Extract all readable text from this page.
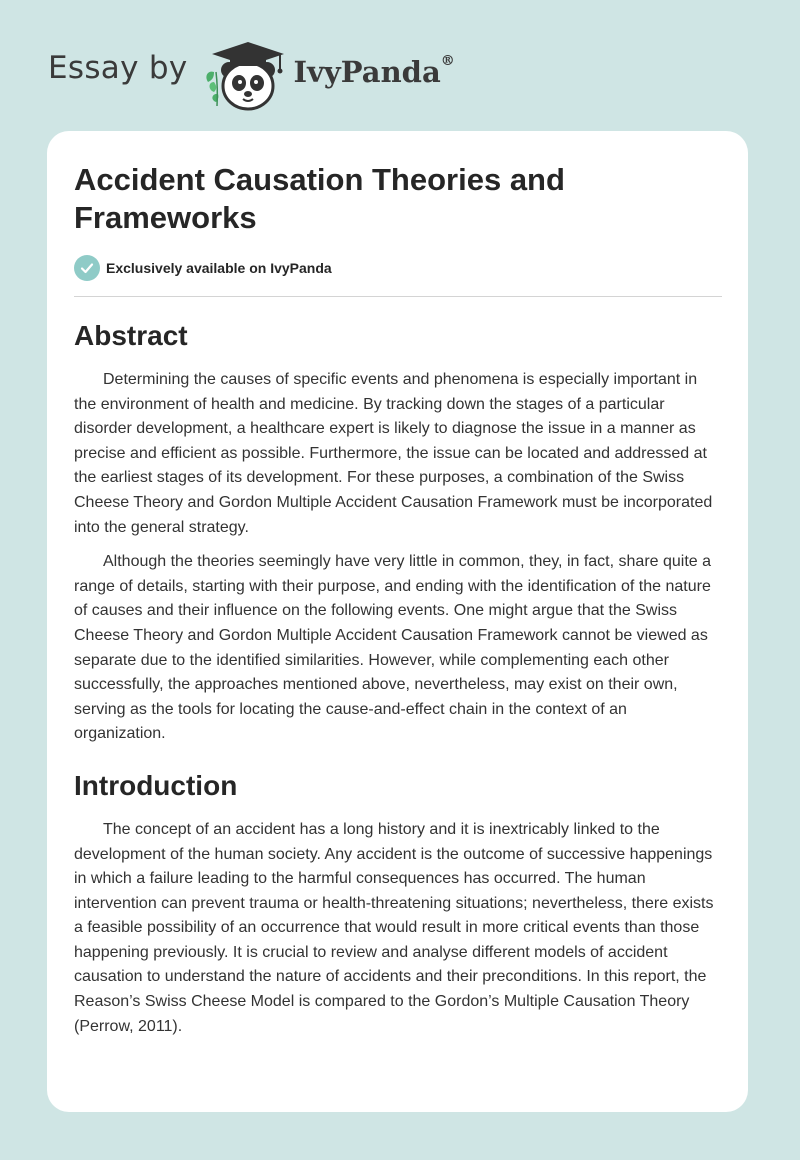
Essay by	IvyPanda®
Accident Causation Theories and Frameworks
Exclusively available on IvyPanda
Abstract

Determining the causes of specific events and phenomena is especially important in the environment of health and medicine. By tracking down the stages of a particular disorder development, a healthcare expert is likely to diagnose the issue in a manner as precise and efficient as possible. Furthermore, the issue can be located and addressed at the earliest stages of its development. For these purposes, a combination of the Swiss Cheese Theory and Gordon Multiple Accident Causation Framework must be incorporated into the general strategy.

Although the theories seemingly have very little in common, they, in fact, share quite a range of details, starting with their purpose, and ending with the identification of the nature of causes and their influence on the following events. One might argue that the Swiss Cheese Theory and Gordon Multiple Accident Causation Framework cannot be viewed as separate due to the identified similarities. However, while complementing each other successfully, the approaches mentioned above, nevertheless, may exist on their own, serving as the tools for locating the cause-and-effect chain in the context of an organization.

Introduction

The concept of an accident has a long history and it is inextricably linked to the development of the human society. Any accident is the outcome of successive happenings in which a failure leading to the harmful consequences has occurred. The human intervention can prevent trauma or health-threatening situations; nevertheless, there exists a feasible possibility of an occurrence that would result in more critical events than those happening previously. It is crucial to review and analyse different models of accident causation to understand the nature of accidents and their preconditions. In this report, the Reason’s Swiss Cheese Model is compared to the Gordon’s Multiple Causation Theory (Perrow, 2011).
